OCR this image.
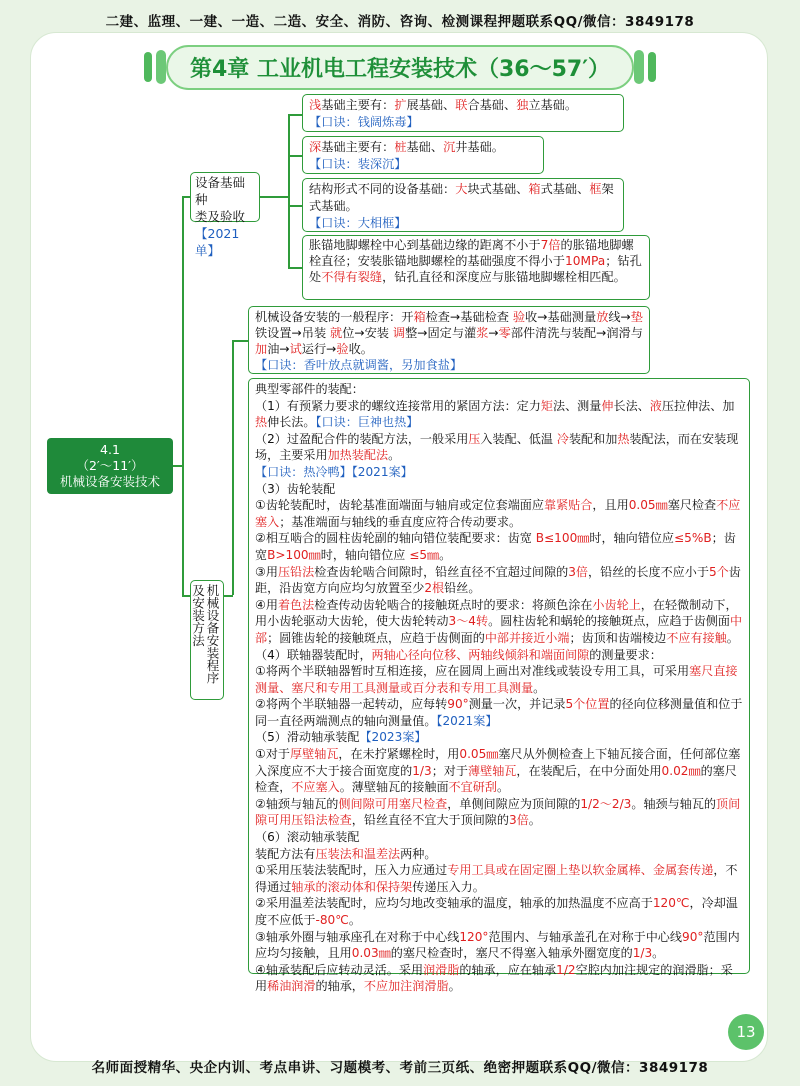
二建、监理、一建、一造、二造、安全、消防、咨询、检测课程押题联系QQ/微信：3849178
第4章 工业机电工程安装技术（36～57′）
4.1
（2′～11′）
机械设备安装技术
设备基础种
类及验收
【2021单】
浅基础主要有：扩展基础、联合基础、独立基础。
【口诀：钱阔炼毒】
深基础主要有：桩基础、沉井基础。
【口诀：装深沉】
结构形式不同的设备基础：大块式基础、箱式基础、框架式基础。
【口诀：大相框】
胀锚地脚螺栓中心到基础边缘的距离不小于7倍的胀锚地脚螺栓直径；安装胀锚地脚螺栓的基础强度不得小于10MPa；钻孔处不得有裂缝，钻孔直径和深度应与胀锚地脚螺栓相匹配。
机械设备安装的一般程序：开箱检查→基础检查 验收→基础测量放线→垫铁设置→吊装 就位→安装 调整→固定与灌浆→零部件清洗与装配→润滑与加油→试运行→验收。
【口诀：香叶放点就调酱，另加食盐】
机械设备安装程序及安装方法
典型零部件的装配：
（1）有预紧力要求的螺纹连接常用的紧固方法：定力矩法、测量伸长法、液压拉伸法、加 热伸长法。【口诀：巨神也热】
（2）过盈配合件的装配方法，一般采用压入装配、低温 冷装配和加热装配法，而在安装现场，主要采用加热装配法。
【口诀：热冷鸭】【2021案】
（3）齿轮装配
①齿轮装配时，齿轮基准面端面与轴肩或定位套端面应靠紧贴合，且用0.05㎜塞尺检查不应塞入；基准端面与轴线的垂直度应符合传动要求。
②相互啮合的圆柱齿轮副的轴向错位装配要求：齿宽 B≤100㎜时，轴向错位应≤5%B；齿宽B>100㎜时，轴向错位应 ≤5㎜。
③用压铅法检查齿轮啮合间隙时，铅丝直径不宜超过间隙的3倍，铅丝的长度不应小于5个齿距，沿齿宽方向应均匀放置至少2根铅丝。
④用着色法检查传动齿轮啮合的接触斑点时的要求：将颜色涂在小齿轮上，在轻微制动下，用小齿轮驱动大齿轮，使大齿轮转动3～4转。圆柱齿轮和蜗轮的接触斑点，应趋于齿侧面中部；圆锥齿轮的接触斑点，应趋于齿侧面的中部并接近小端；齿顶和齿端棱边不应有接触。
（4）联轴器装配时，两轴心径向位移、两轴线倾斜和端面间隙的测量要求：
①将两个半联轴器暂时互相连接，应在圆周上画出对准线或装设专用工具，可采用塞尺直接测量、塞尺和专用工具测量或百分表和专用工具测量。
②将两个半联轴器一起转动，应每转90°测量一次，并记录5个位置的径向位移测量值和位于同一直径两端测点的轴向测量值。【2021案】
（5）滑动轴承装配【2023案】
①对于厚壁轴瓦，在未拧紧螺栓时，用0.05㎜塞尺从外侧检查上下轴瓦接合面，任何部位塞入深度应不大于接合面宽度的1/3；对于薄壁轴瓦，在装配后，在中分面处用0.02㎜的塞尺检查，不应塞入。薄壁轴瓦的接触面不宜研刮。
②轴颈与轴瓦的侧间隙可用塞尺检查，单侧间隙应为顶间隙的1/2～2/3。轴颈与轴瓦的顶间隙可用压铅法检查，铅丝直径不宜大于顶间隙的3倍。
（6）滚动轴承装配
装配方法有压装法和温差法两种。
①采用压装法装配时，压入力应通过专用工具或在固定圈上垫以软金属棒、金属套传递，不得通过轴承的滚动体和保持架传递压入力。
②采用温差法装配时，应均匀地改变轴承的温度，轴承的加热温度不应高于120℃，冷却温度不应低于-80℃。
③轴承外圈与轴承座孔在对称于中心线120°范围内、与轴承盖孔在对称于中心线90°范围内应均匀接触，且用0.03㎜的塞尺检查时，塞尺不得塞入轴承外圈宽度的1/3。
④轴承装配后应转动灵活。采用润滑脂的轴承，应在轴承1/2空腔内加注规定的润滑脂；采用稀油润滑的轴承，不应加注润滑脂。
13
名师面授精华、央企内训、考点串讲、习题模考、考前三页纸、绝密押题联系QQ/微信：3849178
